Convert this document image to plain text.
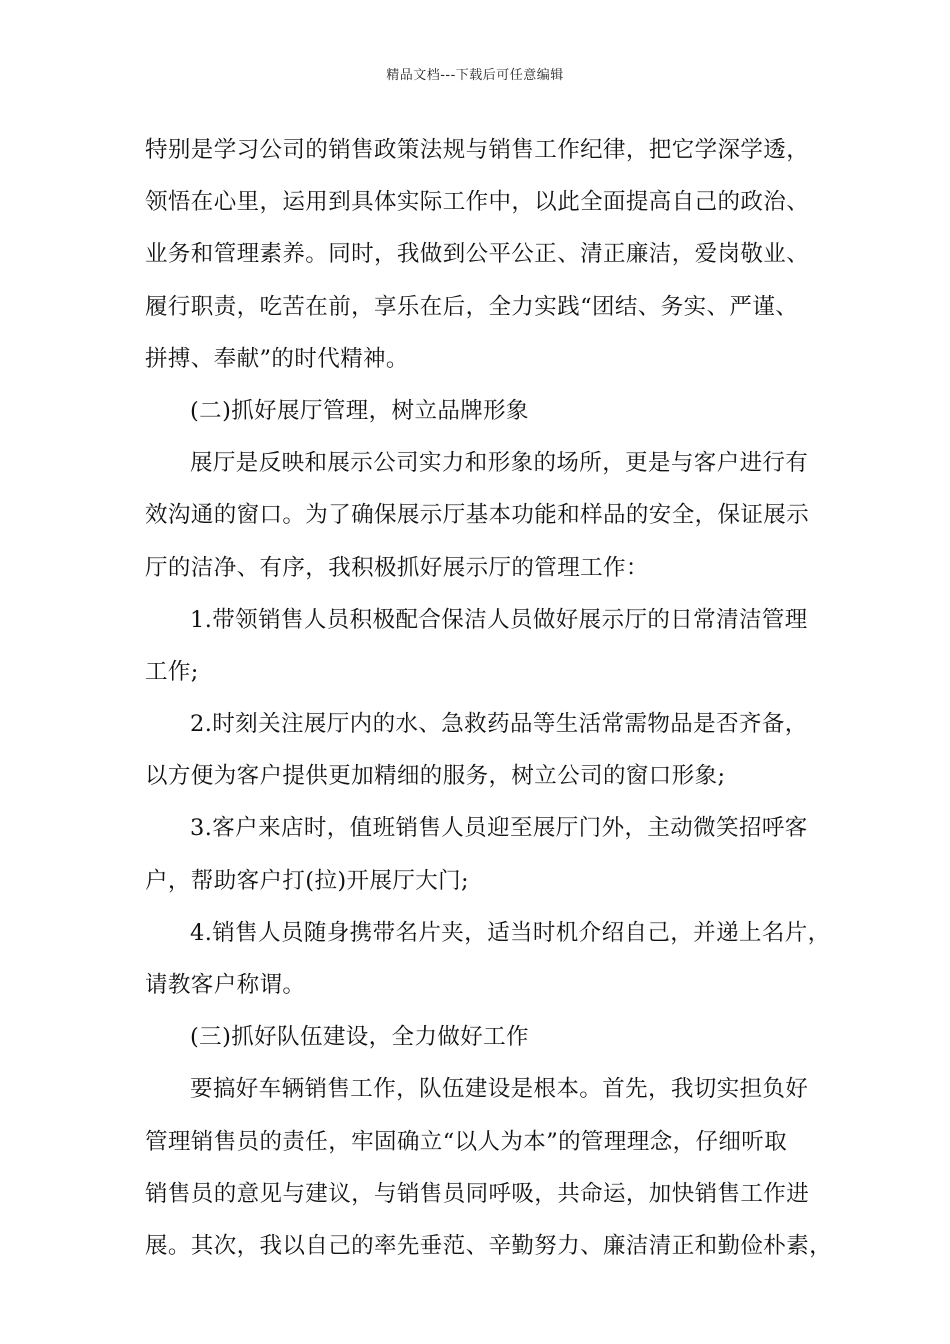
精品文档---下载后可任意编辑
特别是学习公司的销售政策法规与销售工作纪律，把它学深学透，
领悟在心里，运用到具体实际工作中，以此全面提高自己的政治、
业务和管理素养。同时，我做到公平公正、清正廉洁，爱岗敬业、
履行职责，吃苦在前，享乐在后，全力实践“团结、务实、严谨、
拼搏、奉献”的时代精神。
(二)抓好展厅管理，树立品牌形象
展厅是反映和展示公司实力和形象的场所，更是与客户进行有
效沟通的窗口。为了确保展示厅基本功能和样品的安全，保证展示
厅的洁净、有序，我积极抓好展示厅的管理工作：
1.带领销售人员积极配合保洁人员做好展示厅的日常清洁管理
工作;
2.时刻关注展厅内的水、急救药品等生活常需物品是否齐备，
以方便为客户提供更加精细的服务，树立公司的窗口形象;
3.客户来店时，值班销售人员迎至展厅门外，主动微笑招呼客
户，帮助客户打(拉)开展厅大门;
4.销售人员随身携带名片夹，适当时机介绍自己，并递上名片，
请教客户称谓。
(三)抓好队伍建设，全力做好工作
要搞好车辆销售工作，队伍建设是根本。首先，我切实担负好
管理销售员的责任，牢固确立“以人为本”的管理理念，仔细听取
销售员的意见与建议，与销售员同呼吸，共命运，加快销售工作进
展。其次，我以自己的率先垂范、辛勤努力、廉洁清正和勤俭朴素，
